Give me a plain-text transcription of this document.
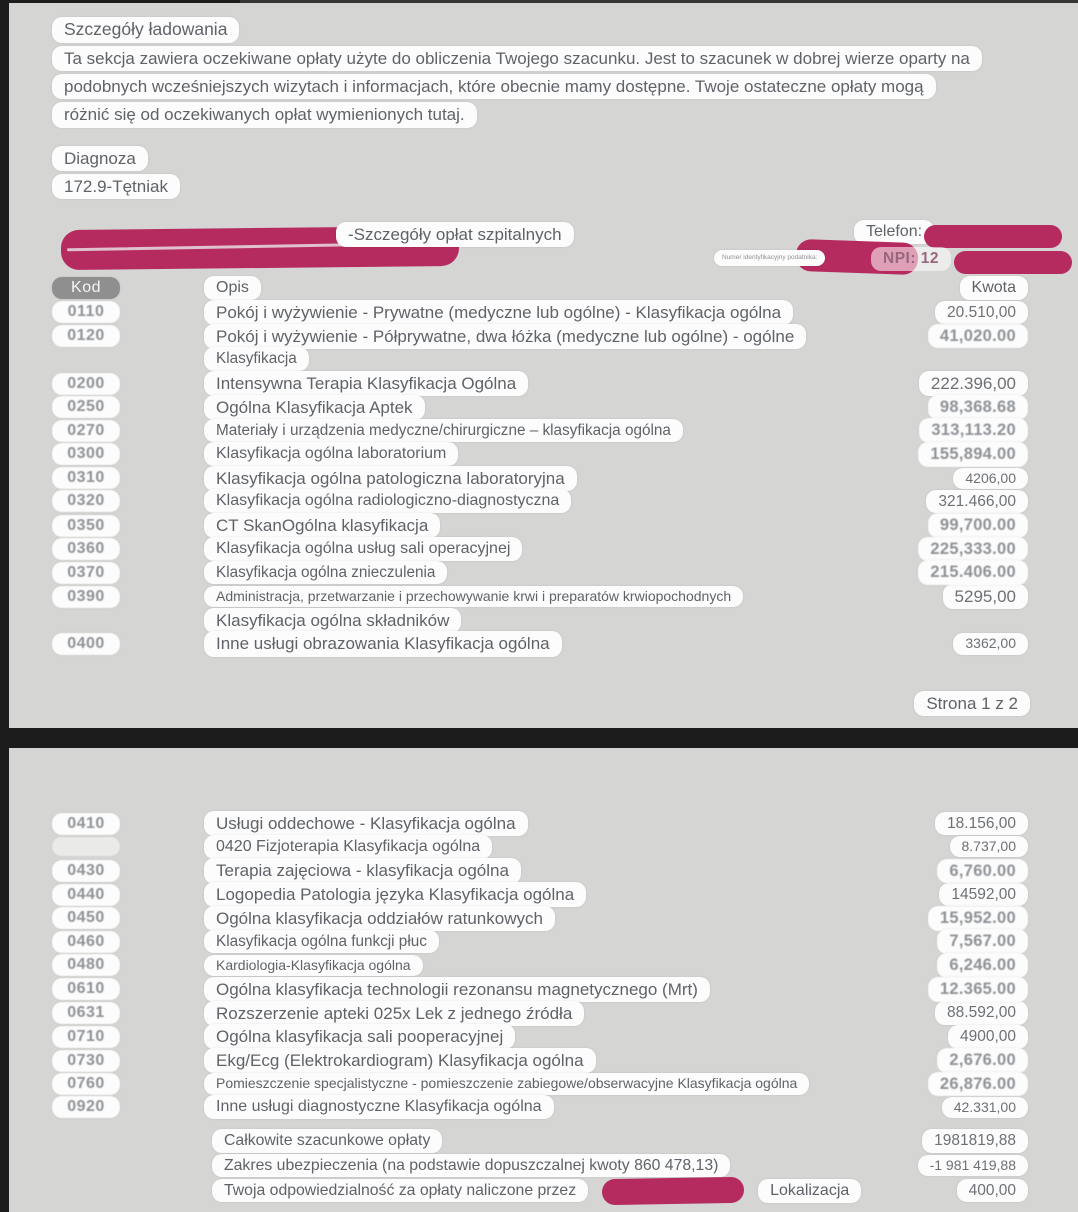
Szczegóły ładowania

Ta sekcja zawiera oczekiwane opłaty użyte do obliczenia Twojego szacunku. Jest to szacunek w dobrej wierze oparty na

podobnych wcześniejszych wizytach i informacjach, które obecnie mamy dostępne. Twoje ostateczne opłaty mogą

różnić się od oczekiwanych opłat wymienionych tutaj.

Diagnoza
172.9-Tętniak
-Szczegóły opłat szpitalnych	Telefon:
Numer identyfikacyjny podatnika:	NPI: 12
Kod	Opis	Kwota
0110	Pokój i wyżywienie - Prywatne (medyczne lub ogólne) - Klasyfikacja ogólna	20.510,00
0120	Pokój i wyżywienie - Półprywatne, dwa łóżka (medyczne lub ogólne) - ogólne	41,020.00
Klasyfikacja
0200	Intensywna Terapia Klasyfikacja Ogólna	222.396,00
0250	Ogólna Klasyfikacja Aptek	98,368.68
0270	Materiały i urządzenia medyczne/chirurgiczne – klasyfikacja ogólna	313,113.20
0300	Klasyfikacja ogólna laboratorium	155,894.00
0310	Klasyfikacja ogólna patologiczna laboratoryjna	4206,00
0320	Klasyfikacja ogólna radiologiczno-diagnostyczna	321.466,00
0350	CT SkanOgólna klasyfikacja	99,700.00
0360	Klasyfikacja ogólna usług sali operacyjnej	225,333.00
0370	Klasyfikacja ogólna znieczulenia	215.406.00
0390	Administracja, przetwarzanie i przechowywanie krwi i preparatów krwiopochodnych	5295,00
Klasyfikacja ogólna składników
0400	Inne usługi obrazowania Klasyfikacja ogólna	3362,00
Strona 1 z 2
0410	Usługi oddechowe - Klasyfikacja ogólna	18.156,00
0420 Fizjoterapia Klasyfikacja ogólna	8.737,00
0430	Terapia zajęciowa - klasyfikacja ogólna	6,760.00
0440	Logopedia Patologia języka Klasyfikacja ogólna	14592,00
0450	Ogólna klasyfikacja oddziałów ratunkowych	15,952.00
0460	Klasyfikacja ogólna funkcji płuc	7,567.00
0480	Kardiologia-Klasyfikacja ogólna	6,246.00
0610	Ogólna klasyfikacja technologii rezonansu magnetycznego (Mrt)	12.365.00
0631	Rozszerzenie apteki 025x Lek z jednego źródła	88.592,00
0710	Ogólna klasyfikacja sali pooperacyjnej	4900,00
0730	Ekg/Ecg (Elektrokardiogram) Klasyfikacja ogólna	2,676.00
0760	Pomieszczenie specjalistyczne - pomieszczenie zabiegowe/obserwacyjne Klasyfikacja ogólna	26,876.00
0920	Inne usługi diagnostyczne Klasyfikacja ogólna	42.331,00
Całkowite szacunkowe opłaty	1981819,88
Zakres ubezpieczenia (na podstawie dopuszczalnej kwoty 860 478,13)	-1 981 419,88
Twoja odpowiedzialność za opłaty naliczone przez	Lokalizacja	400,00
